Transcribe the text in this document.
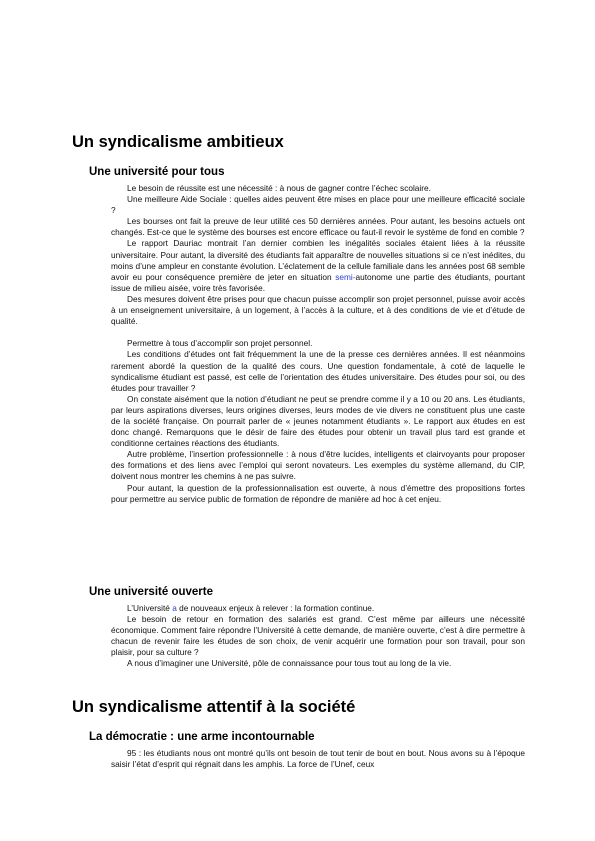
Un syndicalisme ambitieux
Une université pour tous

Le besoin de réussite est une nécessité : à nous de gagner contre l’échec scolaire.

Une meilleure Aide Sociale : quelles aides peuvent être mises en place pour une meilleure efficacité sociale ?

Les bourses ont fait la preuve de leur utilité ces 50 dernières années. Pour autant, les besoins actuels ont changés. Est-ce que le système des bourses est encore efficace ou faut-il revoir le système de fond en comble ?

Le rapport Dauriac montrait l’an dernier combien les inégalités sociales étaient liées à la réussite universitaire. Pour autant, la diversité des étudiants fait apparaître de nouvelles situations si ce n’est inédites, du moins d’une ampleur en constante évolution. L’éclatement de la cellule familiale dans les années post 68 semble avoir eu pour conséquence première de jeter en situation semi-autonome une partie des étudiants, pourtant issue de milieu aisée, voire très favorisée.

Des mesures doivent être prises pour que chacun puisse accomplir son projet personnel, puisse avoir accès à un enseignement universitaire, à un logement, à l’accès à la culture, et à des conditions de vie et d’étude de qualité.

Permettre à tous d’accomplir son projet personnel.

Les conditions d’études ont fait fréquemment la une de la presse ces dernières années. Il est néanmoins rarement abordé la question de la qualité des cours. Une question fondamentale, à coté de laquelle le syndicalisme étudiant est passé, est celle de l’orientation des études universitaire. Des études pour soi, ou des études pour travailler ?

On constate aisément que la notion d’étudiant ne peut se prendre comme il y a 10 ou 20 ans. Les étudiants, par leurs aspirations diverses, leurs origines diverses, leurs modes de vie divers ne constituent plus une caste de la société française. On pourrait parler de « jeunes notamment étudiants ». Le rapport aux études en est donc changé. Remarquons que le désir de faire des études pour obtenir un travail plus tard est grande et conditionne certaines réactions des étudiants.

Autre problème, l’insertion professionnelle : à nous d’être lucides, intelligents et clairvoyants pour proposer des formations et des liens avec l’emploi qui seront novateurs. Les exemples du système allemand, du CIP, doivent nous montrer les chemins à ne pas suivre.

Pour autant, la question de la professionnalisation est ouverte, à nous d’émettre des propositions fortes pour permettre au service public de formation de répondre de manière ad hoc à cet enjeu.

Une université ouverte

L’Université a de nouveaux enjeux à relever : la formation continue.

Le besoin de retour en formation des salariés est grand. C’est même par ailleurs une nécessité économique. Comment faire répondre l’Université à cette demande, de manière ouverte, c’est à dire permettre à chacun de revenir faire les études de son choix, de venir acquérir une formation pour son travail, pour son plaisir, pour sa culture ?

A nous d’imaginer une Université, pôle de connaissance pour tous tout au long de la vie.

Un syndicalisme attentif à la société
La démocratie : une arme incontournable

95 : les étudiants nous ont montré qu’ils ont besoin de tout tenir de bout en bout. Nous avons su à l’époque saisir l’état d’esprit qui régnait dans les amphis. La force de l’Unef, ceux
